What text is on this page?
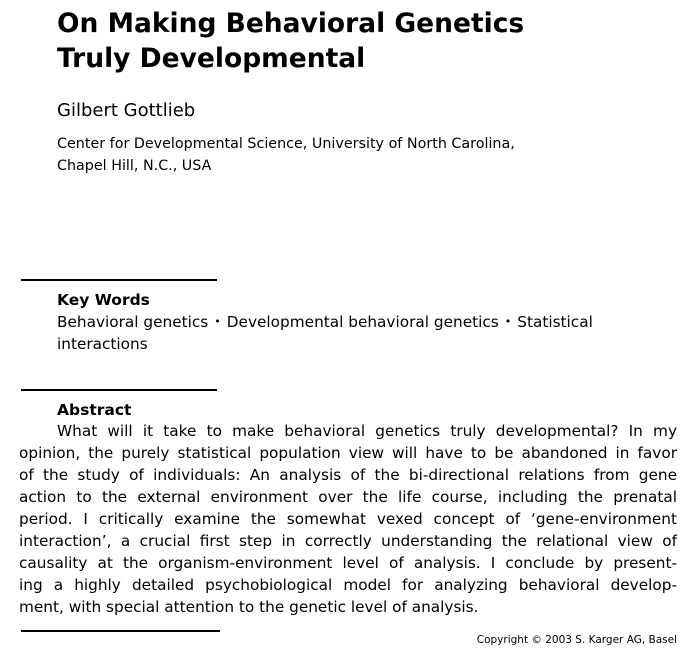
On Making Behavioral Genetics
Truly Developmental
Gilbert Gottlieb
Center for Developmental Science, University of North Carolina,
Chapel Hill, N.C., USA
Key Words
Behavioral genetics • Developmental behavioral genetics • Statistical interactions
Abstract
What will it take to make behavioral genetics truly developmental? In my
opinion, the purely statistical population view will have to be abandoned in favor
of the study of individuals: An analysis of the bi-directional relations from gene
action to the external environment over the life course, including the prenatal
period. I critically examine the somewhat vexed concept of ‘gene-environment
interaction’, a crucial first step in correctly understanding the relational view of
causality at the organism-environment level of analysis. I conclude by present-
ing a highly detailed psychobiological model for analyzing behavioral develop-
ment, with special attention to the genetic level of analysis.
Copyright © 2003 S. Karger AG, Basel
